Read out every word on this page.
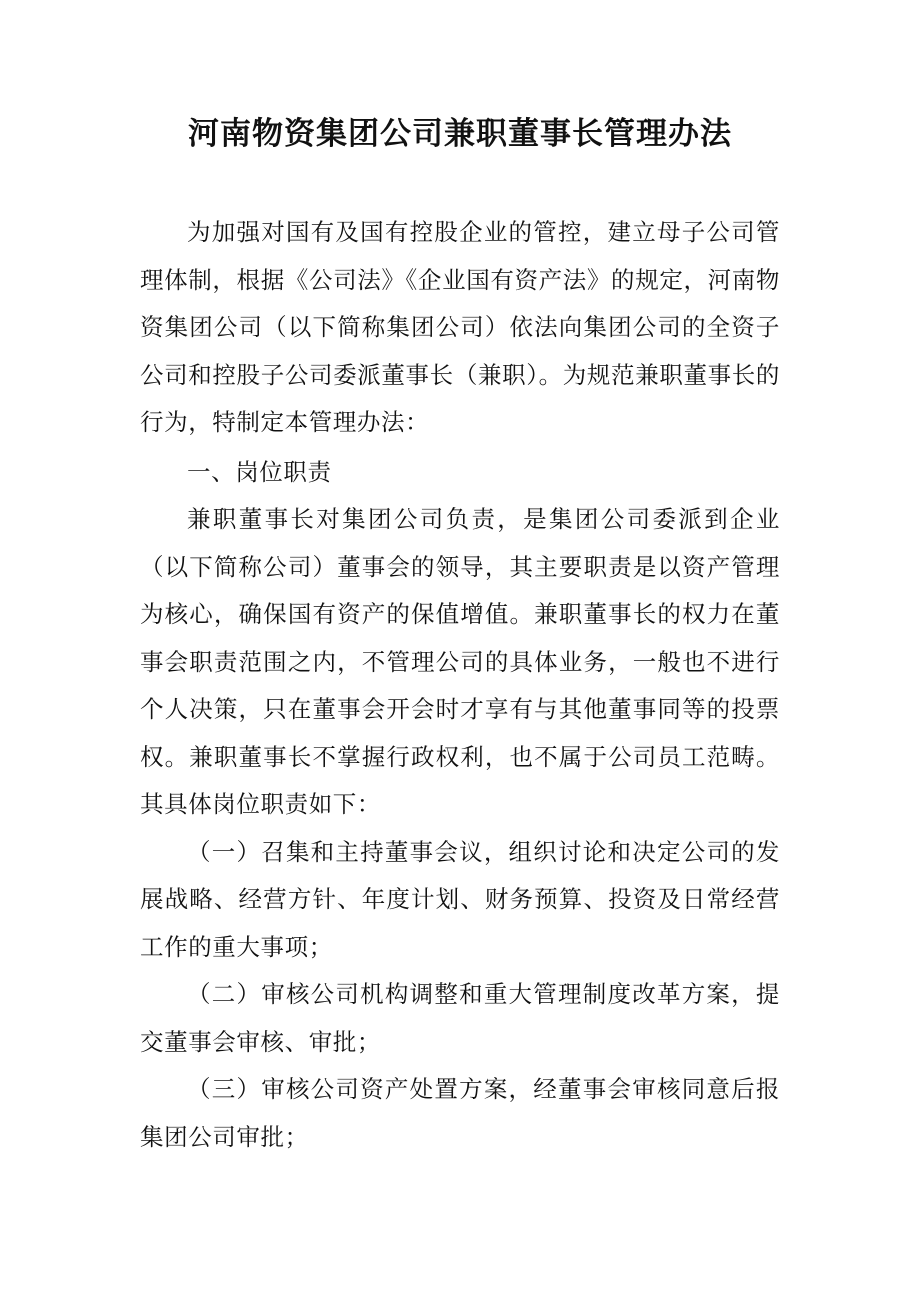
河南物资集团公司兼职董事长管理办法

为加强对国有及国有控股企业的管控，建立母子公司管理体制，根据《公司法》《企业国有资产法》的规定，河南物资集团公司（以下简称集团公司）依法向集团公司的全资子公司和控股子公司委派董事长（兼职）。为规范兼职董事长的行为，特制定本管理办法：

一、岗位职责

兼职董事长对集团公司负责，是集团公司委派到企业（以下简称公司）董事会的领导，其主要职责是以资产管理为核心，确保国有资产的保值增值。兼职董事长的权力在董事会职责范围之内，不管理公司的具体业务，一般也不进行个人决策，只在董事会开会时才享有与其他董事同等的投票权。兼职董事长不掌握行政权利，也不属于公司员工范畴。其具体岗位职责如下：

（一）召集和主持董事会议，组织讨论和决定公司的发展战略、经营方针、年度计划、财务预算、投资及日常经营工作的重大事项；

（二）审核公司机构调整和重大管理制度改革方案，提交董事会审核、审批；

（三）审核公司资产处置方案，经董事会审核同意后报集团公司审批；
